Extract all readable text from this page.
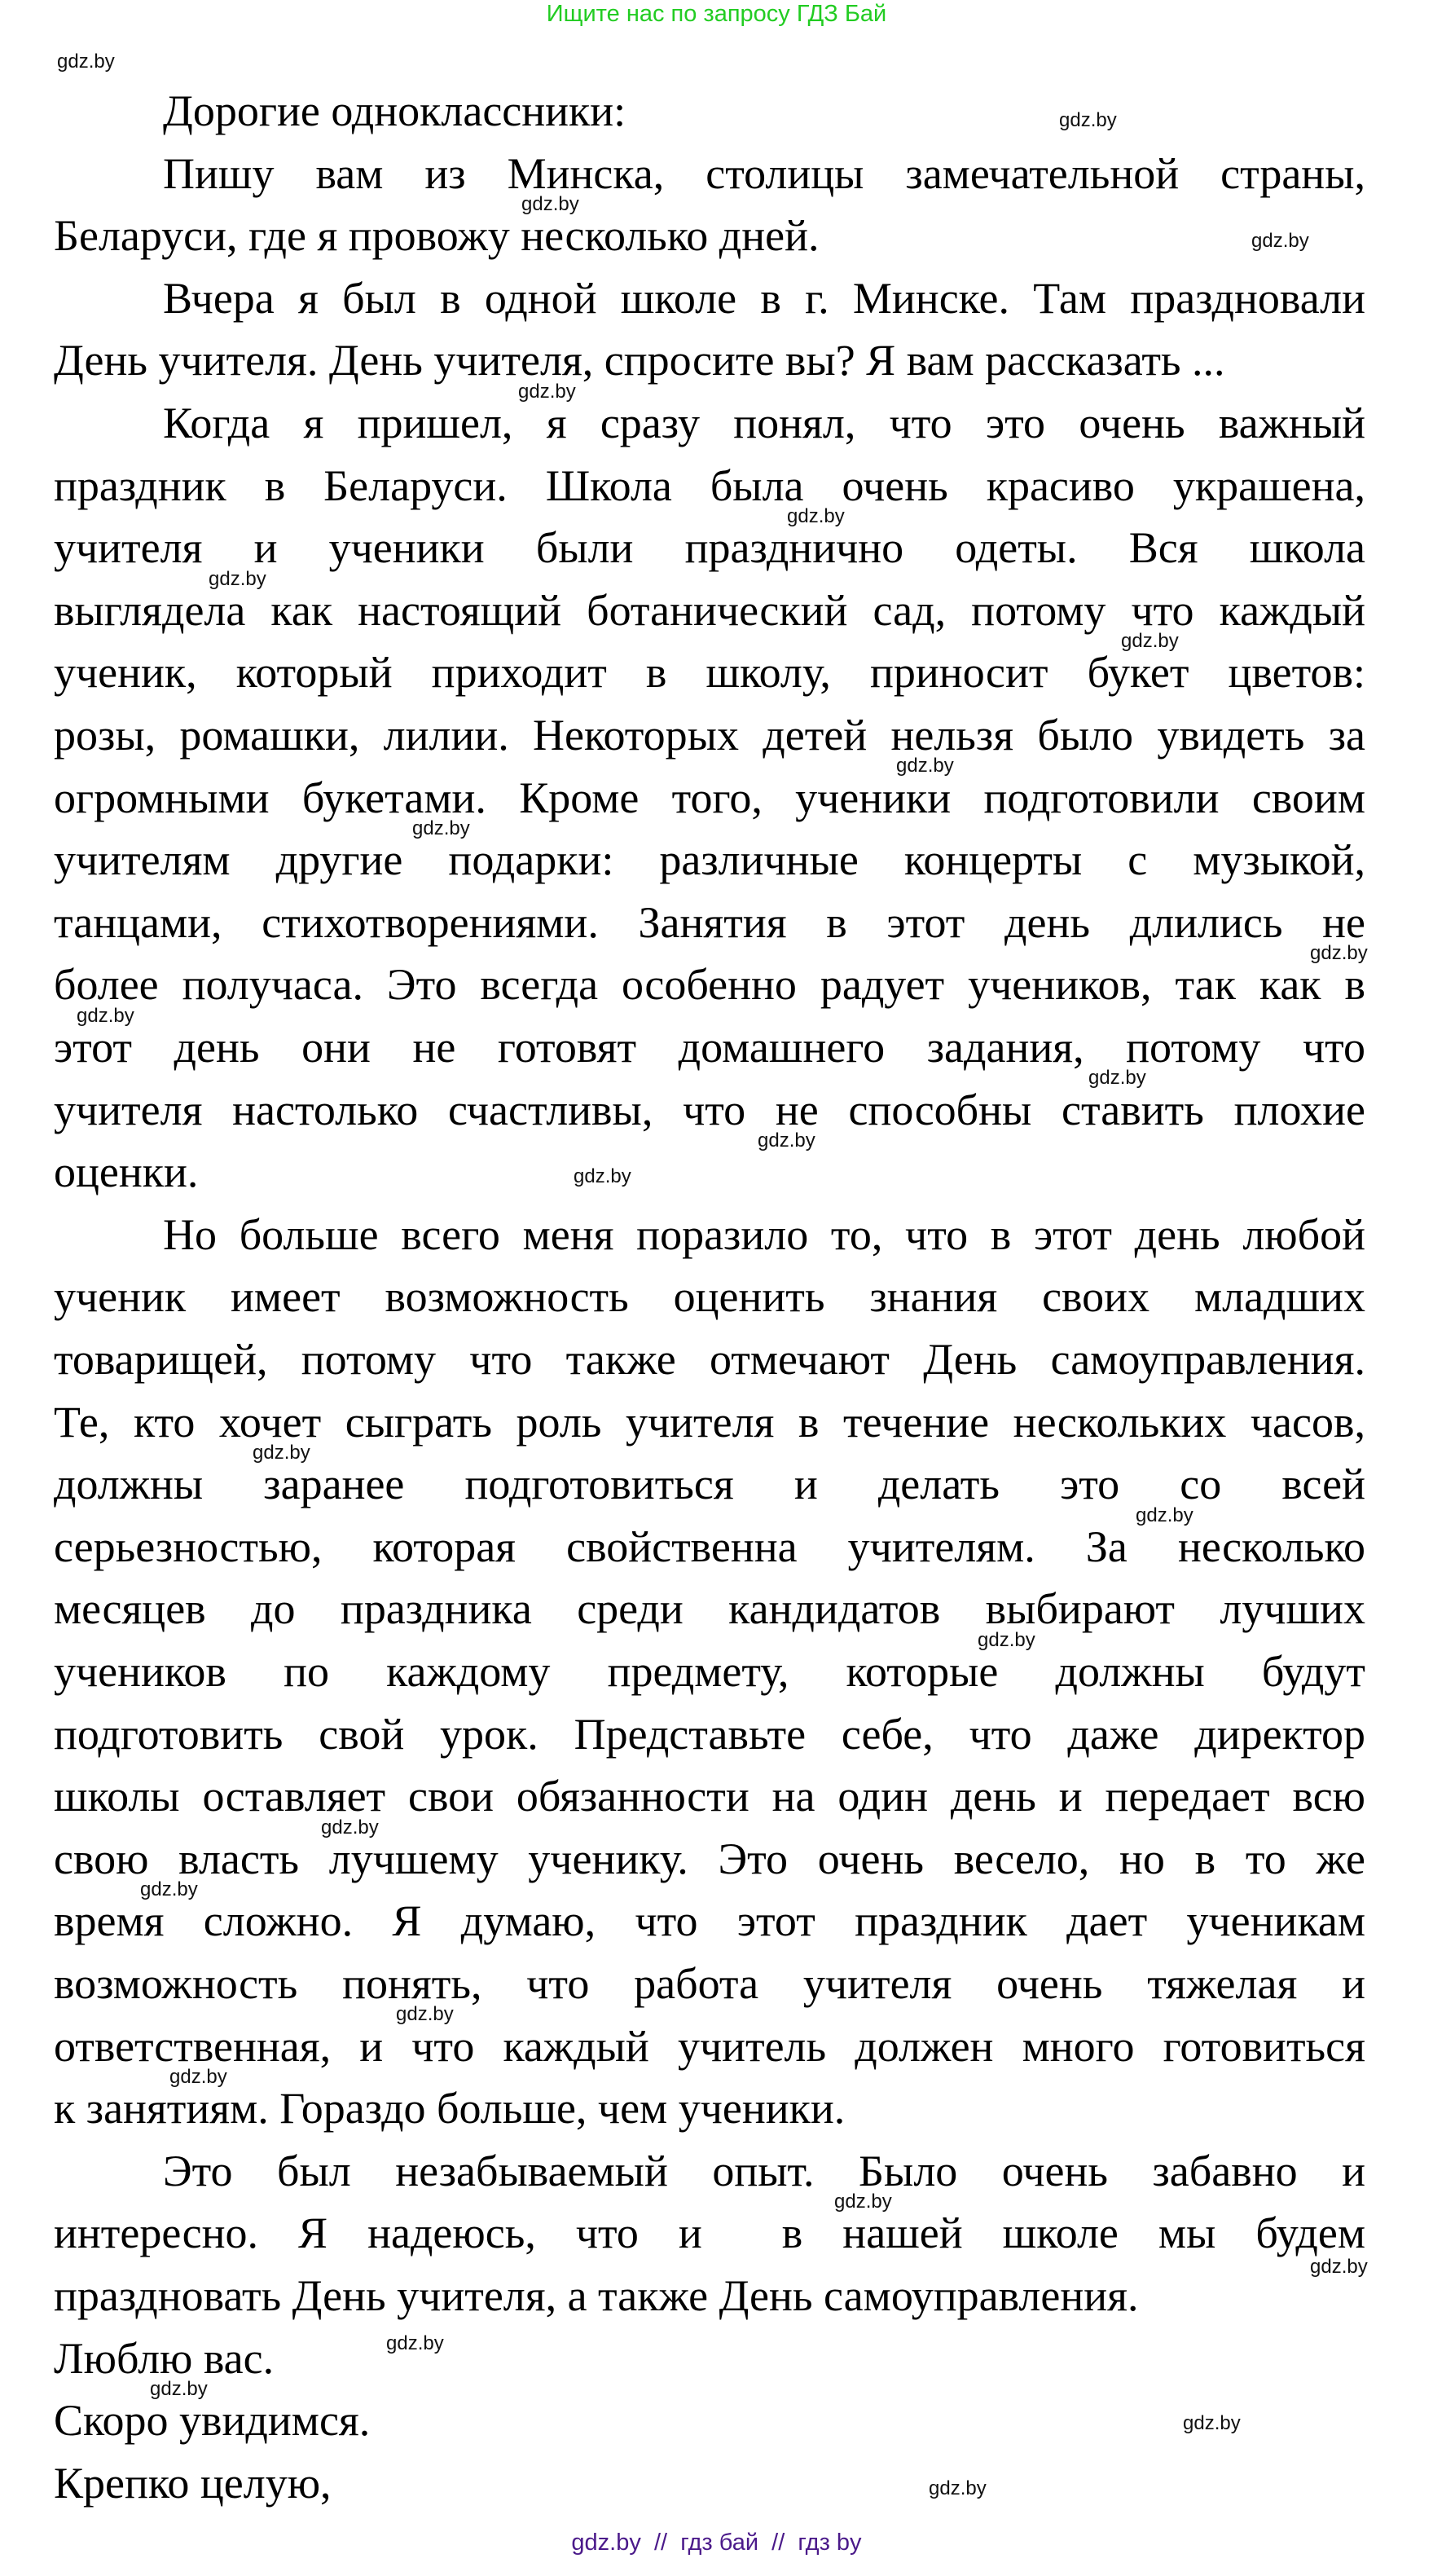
Ищите нас по запросу ГДЗ Бай
Дорогие одноклассники:
Пишу вам из Минска, столицы замечательной страны,
Беларуси, где я провожу несколько дней.
Вчера я был в одной школе в г. Минске. Там праздновали
День учителя. День учителя, спросите вы? Я вам рассказать ...
Когда я пришел, я сразу понял, что это очень важный
праздник в Беларуси. Школа была очень красиво украшена,
учителя и ученики были празднично одеты. Вся школа
выглядела как настоящий ботанический сад, потому что каждый
ученик, который приходит в школу, приносит букет цветов:
розы, ромашки, лилии. Некоторых детей нельзя было увидеть за
огромными букетами. Кроме того, ученики подготовили своим
учителям другие подарки: различные концерты с музыкой,
танцами, стихотворениями. Занятия в этот день длились не
более получаса. Это всегда особенно радует учеников, так как в
этот день они не готовят домашнего задания, потому что
учителя настолько счастливы, что не способны ставить плохие
оценки.
Но больше всего меня поразило то, что в этот день любой
ученик имеет возможность оценить знания своих младших
товарищей, потому что также отмечают День самоуправления.
Те, кто хочет сыграть роль учителя в течение нескольких часов,
должны заранее подготовиться и делать это со всей
серьезностью, которая свойственна учителям. За несколько
месяцев до праздника среди кандидатов выбирают лучших
учеников по каждому предмету, которые должны будут
подготовить свой урок. Представьте себе, что даже директор
школы оставляет свои обязанности на один день и передает всю
свою власть лучшему ученику. Это очень весело, но в то же
время сложно. Я думаю, что этот праздник дает ученикам
возможность понять, что работа учителя очень тяжелая и
ответственная, и что каждый учитель должен много готовиться
к занятиям. Гораздо больше, чем ученики.
Это был незабываемый опыт. Было очень забавно и
интересно. Я надеюсь, что и  в нашей школе мы будем
праздновать День учителя, а также День самоуправления.
Люблю вас.
Скоро увидимся.
Крепко целую,
gdz.by
gdz.by
gdz.by
gdz.by
gdz.by
gdz.by
gdz.by
gdz.by
gdz.by
gdz.by
gdz.by
gdz.by
gdz.by
gdz.by
gdz.by
gdz.by
gdz.by
gdz.by
gdz.by
gdz.by
gdz.by
gdz.by
gdz.by
gdz.by
gdz.by
gdz.by
gdz.by
gdz.by
gdz.by  //  гдз бай  //  гдз by
